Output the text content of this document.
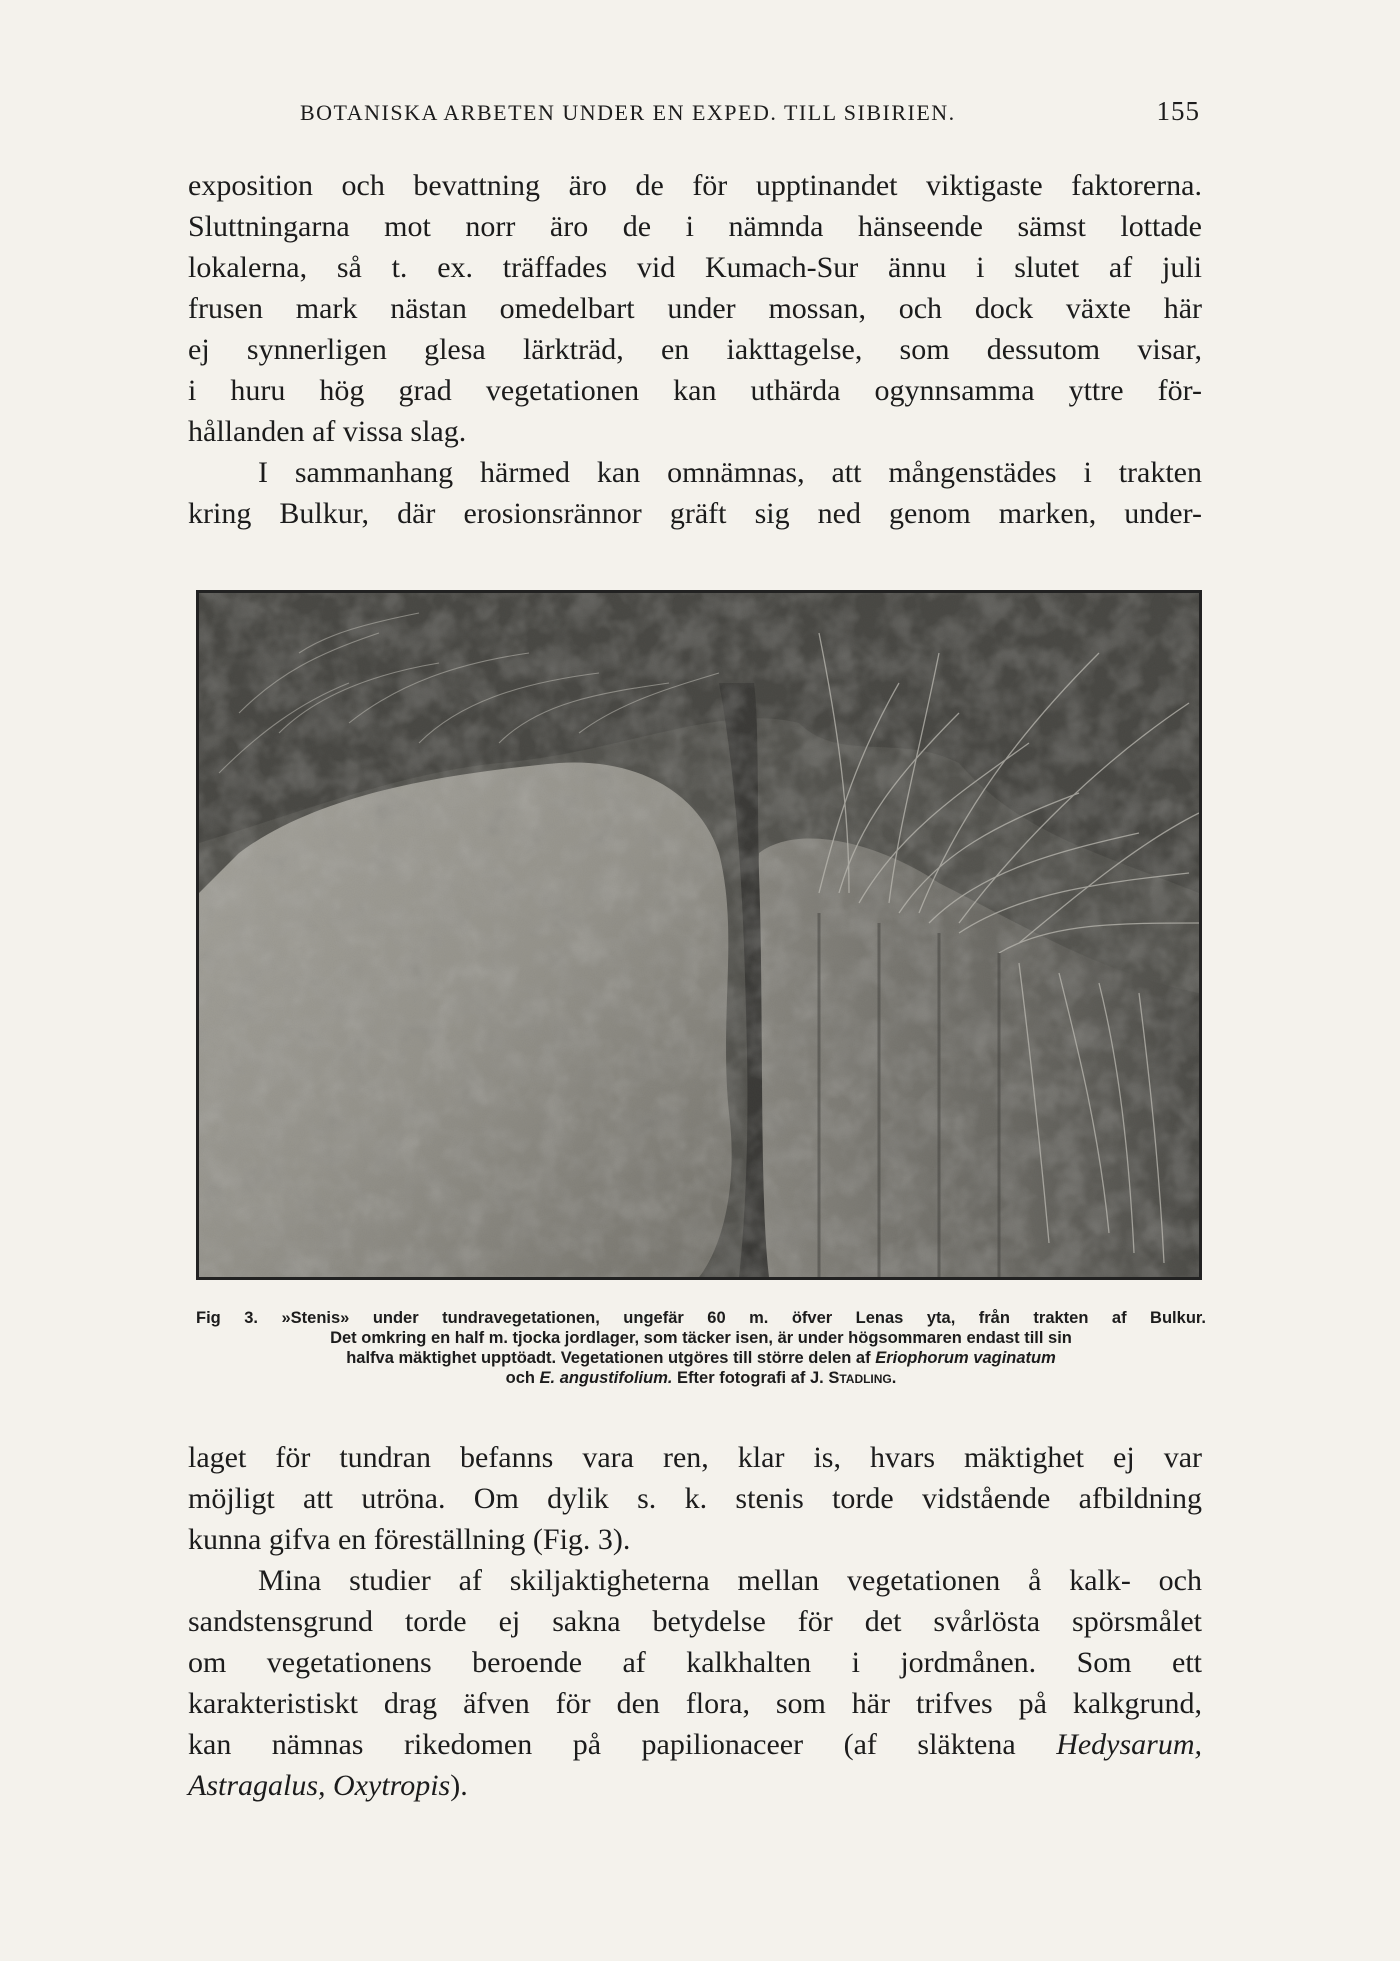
BOTANISKA ARBETEN UNDER EN EXPED. TILL SIBIRIEN.	155
exposition och bevattning äro de för upptinandet viktigaste faktorerna.
Sluttningarna mot norr äro de i nämnda hänseende sämst lottade
lokalerna, så t. ex. träffades vid Kumach-Sur ännu i slutet af juli
frusen mark nästan omedelbart under mossan, och dock växte här
ej synnerligen glesa lärkträd, en iakttagelse, som dessutom visar,
i huru hög grad vegetationen kan uthärda ogynnsamma yttre för-
hållanden af vissa slag.
I sammanhang härmed kan omnämnas, att mångenstädes i trakten
kring Bulkur, där erosionsrännor gräft sig ned genom marken, under-
Fig 3. »Stenis» under tundravegetationen, ungefär 60 m. öfver Lenas yta, från trakten af Bulkur.
Det omkring en half m. tjocka jordlager, som täcker isen, är under högsommaren endast till sin
halfva mäktighet upptöadt. Vegetationen utgöres till större delen af Eriophorum vaginatum
och E. angustifolium. Efter fotografi af J. Stadling.
laget för tundran befanns vara ren, klar is, hvars mäktighet ej var
möjligt att utröna. Om dylik s. k. stenis torde vidstående afbildning
kunna gifva en föreställning (Fig. 3).
Mina studier af skiljaktigheterna mellan vegetationen å kalk- och
sandstensgrund torde ej sakna betydelse för det svårlösta spörsmålet
om vegetationens beroende af kalkhalten i jordmånen. Som ett
karakteristiskt drag äfven för den flora, som här trifves på kalkgrund,
kan nämnas rikedomen på papilionaceer (af släktena Hedysarum,
Astragalus, Oxytropis).
